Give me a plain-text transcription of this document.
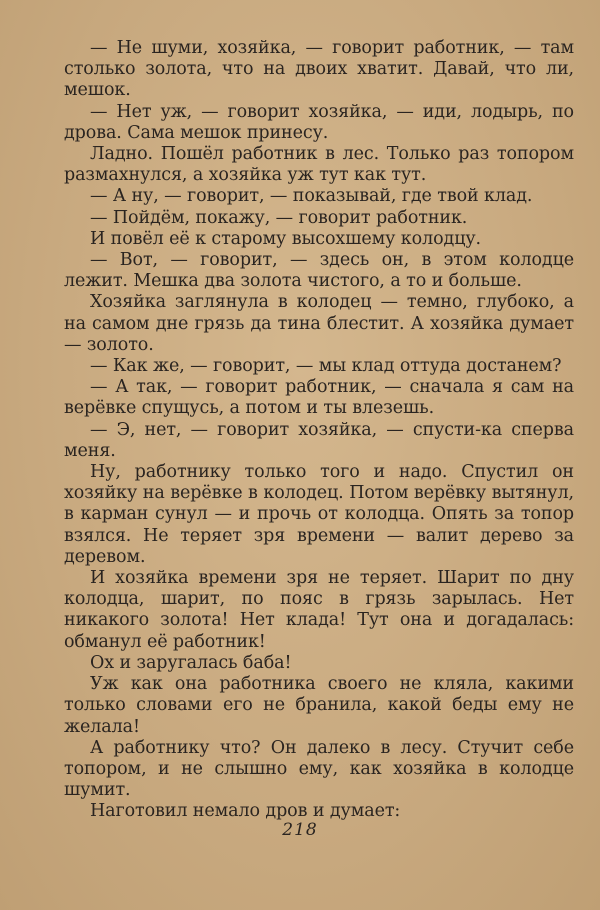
— Не шуми, хозяйка, — говорит работник, — там столько золота, что на двоих хватит. Давай, что ли, мешок.

— Нет уж, — говорит хозяйка, — иди, лодырь, по дрова. Сама мешок принесу.

Ладно. Пошёл работник в лес. Только раз топором размахнулся, а хозяйка уж тут как тут.

— А ну, — говорит, — показывай, где твой клад.

— Пойдём, покажу, — говорит работник.

И повёл её к старому высохшему колодцу.

— Вот, — говорит, — здесь он, в этом колодце лежит. Мешка два золота чистого, а то и больше.

Хозяйка заглянула в колодец — темно, глубоко, а на самом дне грязь да тина блестит. А хозяйка думает — золото.

— Как же, — говорит, — мы клад оттуда достанем?

— А так, — говорит работник, — сначала я сам на верёвке спущусь, а потом и ты влезешь.

— Э, нет, — говорит хозяйка, — спусти-ка сперва меня.

Ну, работнику только того и надо. Спустил он хозяйку на верёвке в колодец. Потом верёвку вытянул, в карман сунул — и прочь от колодца. Опять за топор взялся. Не теряет зря времени — валит дерево за деревом.

И хозяйка времени зря не теряет. Шарит по дну колодца, шарит, по пояс в грязь зарылась. Нет никакого золота! Нет клада! Тут она и догадалась: обманул её работник!

Ох и заругалась баба!

Уж как она работника своего не кляла, какими только словами его не бранила, какой беды ему не желала!

А работнику что? Он далеко в лесу. Стучит себе топором, и не слышно ему, как хозяйка в колодце шумит.

Наготовил немало дров и думает:

218
